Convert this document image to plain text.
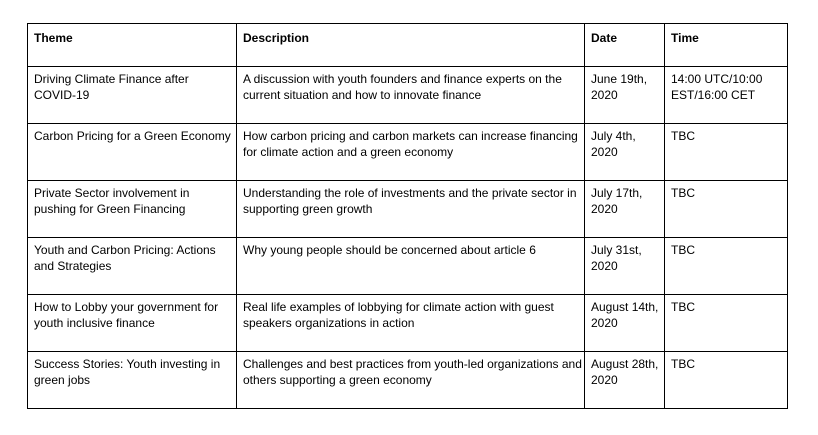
Theme	Description	Date	Time
Driving Climate Finance after COVID-19	A discussion with youth founders and finance experts on the current situation and how to innovate finance	June 19th, 2020	14:00 UTC/10:00 EST/16:00 CET
Carbon Pricing for a Green Economy	How carbon pricing and carbon markets can increase financing for climate action and a green economy	July 4th, 2020	TBC
Private Sector involvement in pushing for Green Financing	Understanding the role of investments and the private sector in supporting green growth	July 17th, 2020	TBC
Youth and Carbon Pricing: Actions and Strategies	Why young people should be concerned about article 6	July 31st, 2020	TBC
How to Lobby your government for youth inclusive finance	Real life examples of lobbying for climate action with guest speakers organizations in action	August 14th, 2020	TBC
Success Stories: Youth investing in green jobs	Challenges and best practices from youth-led organizations and others supporting a green economy	August 28th, 2020	TBC
